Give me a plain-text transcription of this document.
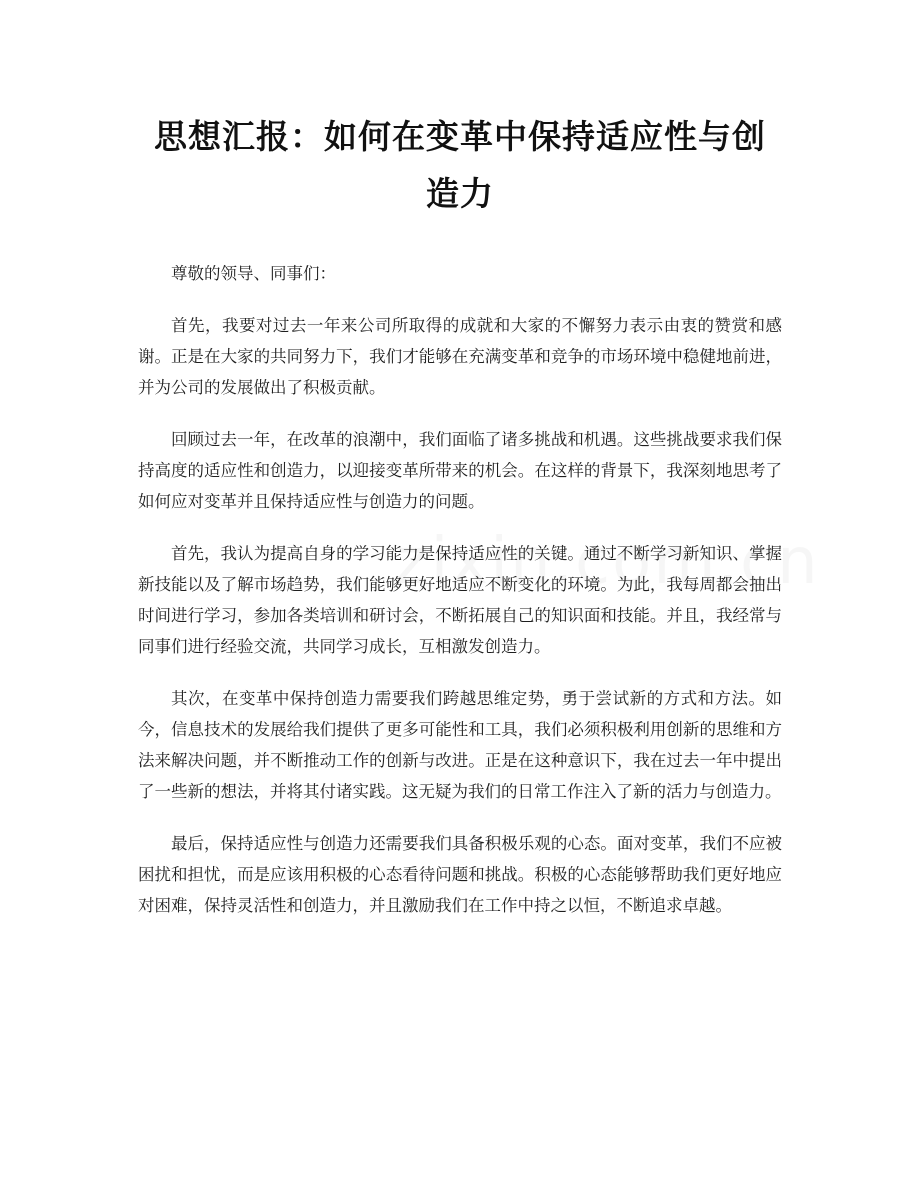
思想汇报：如何在变革中保持适应性与创造力

尊敬的领导、同事们：

首先，我要对过去一年来公司所取得的成就和大家的不懈努力表示由衷的赞赏和感谢。正是在大家的共同努力下，我们才能够在充满变革和竞争的市场环境中稳健地前进，并为公司的发展做出了积极贡献。

回顾过去一年，在改革的浪潮中，我们面临了诸多挑战和机遇。这些挑战要求我们保持高度的适应性和创造力，以迎接变革所带来的机会。在这样的背景下，我深刻地思考了如何应对变革并且保持适应性与创造力的问题。

首先，我认为提高自身的学习能力是保持适应性的关键。通过不断学习新知识、掌握新技能以及了解市场趋势，我们能够更好地适应不断变化的环境。为此，我每周都会抽出时间进行学习，参加各类培训和研讨会，不断拓展自己的知识面和技能。并且，我经常与同事们进行经验交流，共同学习成长，互相激发创造力。

其次，在变革中保持创造力需要我们跨越思维定势，勇于尝试新的方式和方法。如今，信息技术的发展给我们提供了更多可能性和工具，我们必须积极利用创新的思维和方法来解决问题，并不断推动工作的创新与改进。正是在这种意识下，我在过去一年中提出了一些新的想法，并将其付诸实践。这无疑为我们的日常工作注入了新的活力与创造力。

最后，保持适应性与创造力还需要我们具备积极乐观的心态。面对变革，我们不应被困扰和担忧，而是应该用积极的心态看待问题和挑战。积极的心态能够帮助我们更好地应对困难，保持灵活性和创造力，并且激励我们在工作中持之以恒，不断追求卓越。
